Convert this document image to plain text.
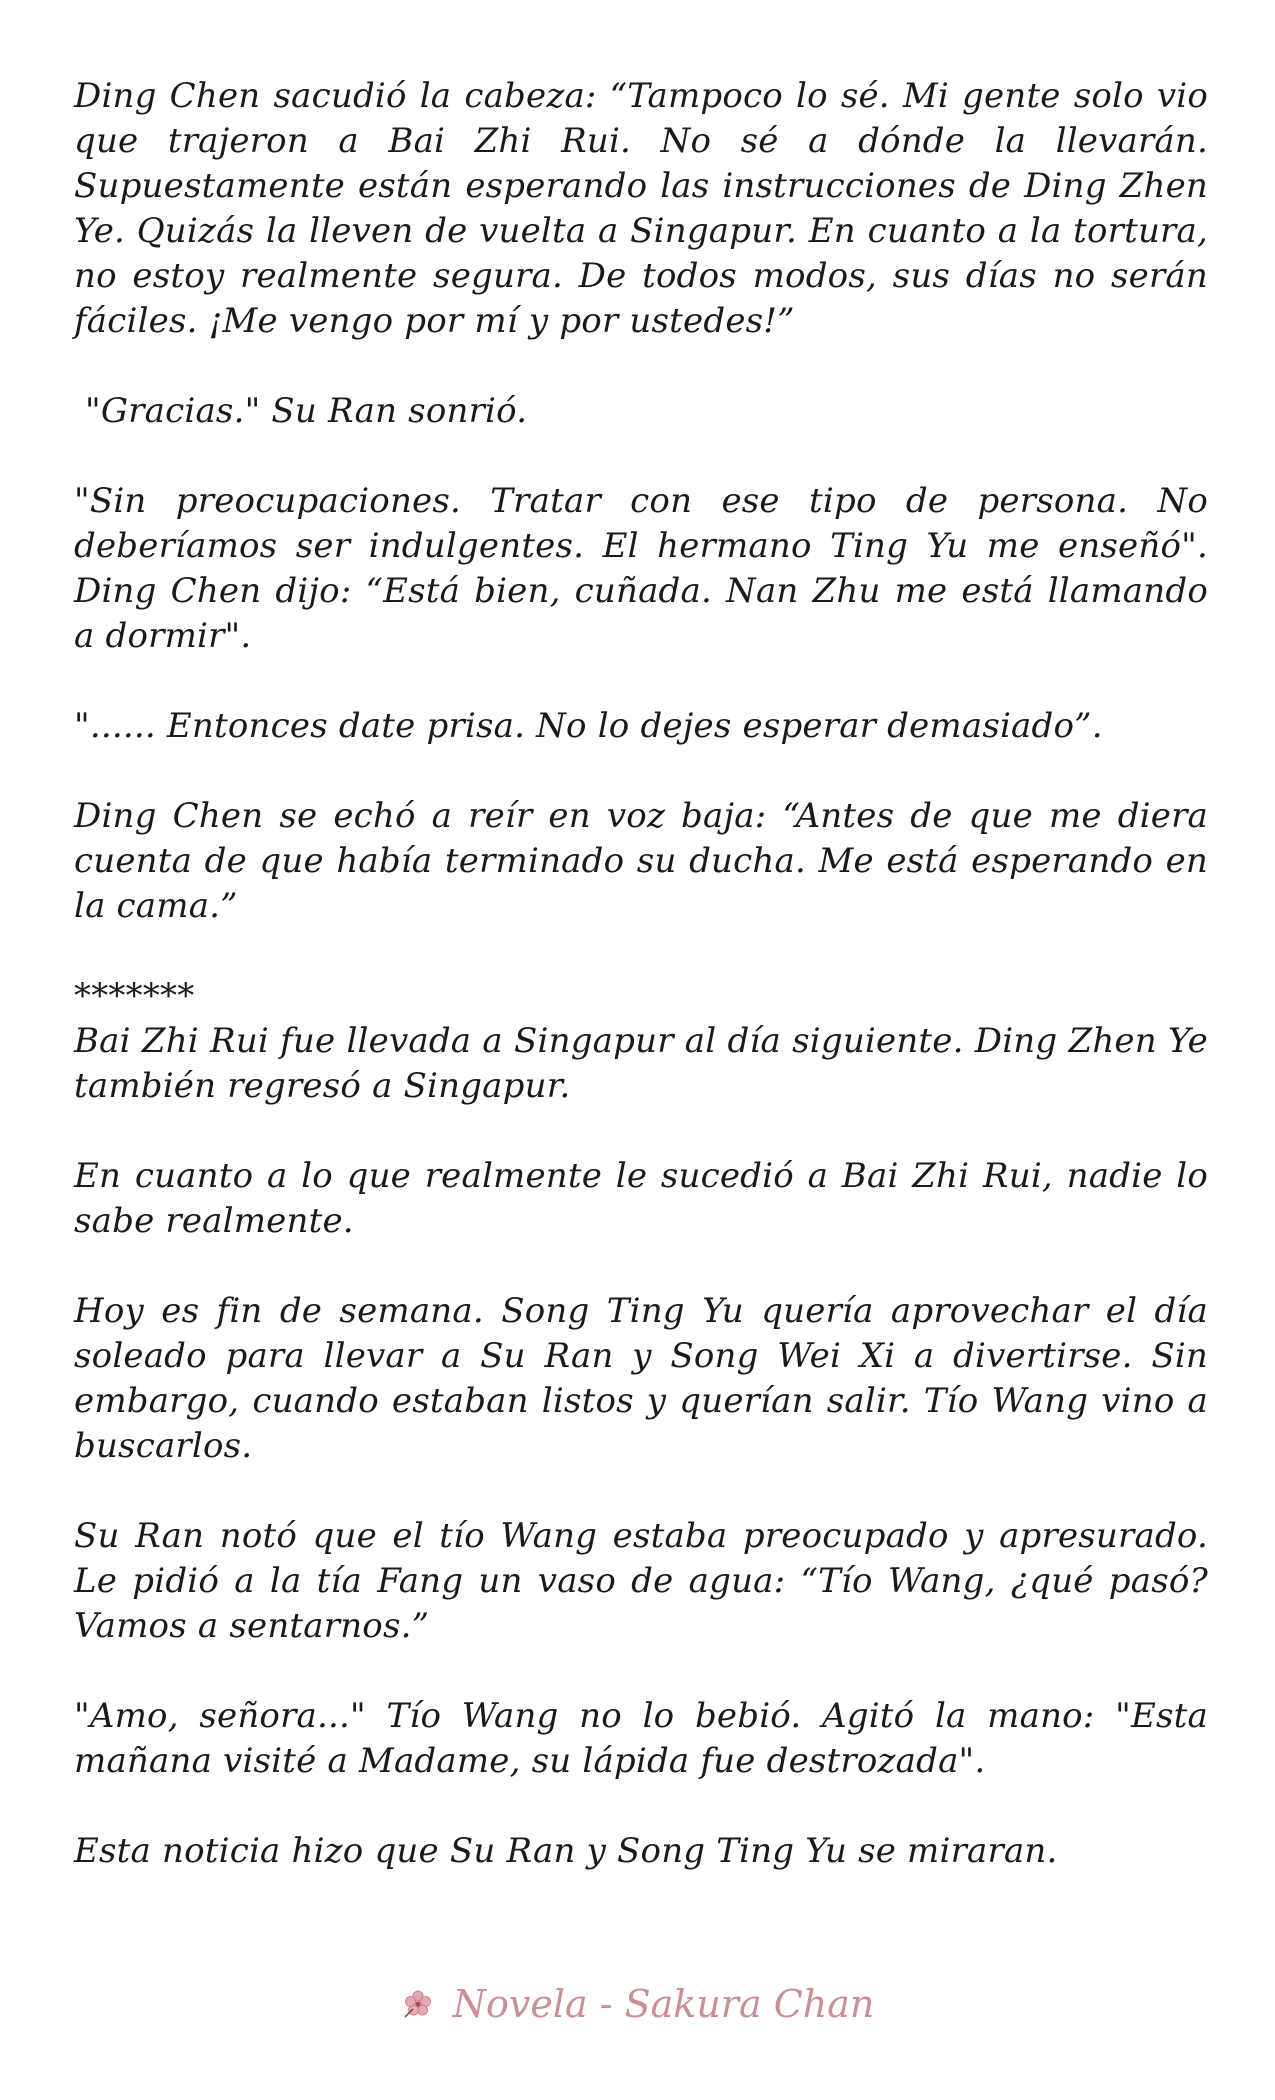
Ding Chen sacudió la cabeza: “Tampoco lo sé. Mi gente solo vio que trajeron a Bai Zhi Rui. No sé a dónde la llevarán. Supuestamente están esperando las instrucciones de Ding Zhen Ye. Quizás la lleven de vuelta a Singapur. En cuanto a la tortura, no estoy realmente segura. De todos modos, sus días no serán fáciles. ¡Me vengo por mí y por ustedes!”

"Gracias." Su Ran sonrió.

"Sin preocupaciones. Tratar con ese tipo de persona. No deberíamos ser indulgentes. El hermano Ting Yu me enseñó". Ding Chen dijo: “Está bien, cuñada. Nan Zhu me está llamando a dormir".

"...... Entonces date prisa. No lo dejes esperar demasiado”.

Ding Chen se echó a reír en voz baja: “Antes de que me diera cuenta de que había terminado su ducha. Me está esperando en la cama.”

*******

Bai Zhi Rui fue llevada a Singapur al día siguiente. Ding Zhen Ye también regresó a Singapur.

En cuanto a lo que realmente le sucedió a Bai Zhi Rui, nadie lo sabe realmente.

Hoy es fin de semana. Song Ting Yu quería aprovechar el día soleado para llevar a Su Ran y Song Wei Xi a divertirse. Sin embargo, cuando estaban listos y querían salir. Tío Wang vino a buscarlos.

Su Ran notó que el tío Wang estaba preocupado y apresurado. Le pidió a la tía Fang un vaso de agua: “Tío Wang, ¿qué pasó? Vamos a sentarnos.”

"Amo, señora..." Tío Wang no lo bebió. Agitó la mano: "Esta mañana visité a Madame, su lápida fue destrozada".

Esta noticia hizo que Su Ran y Song Ting Yu se miraran.

Novela - Sakura Chan
